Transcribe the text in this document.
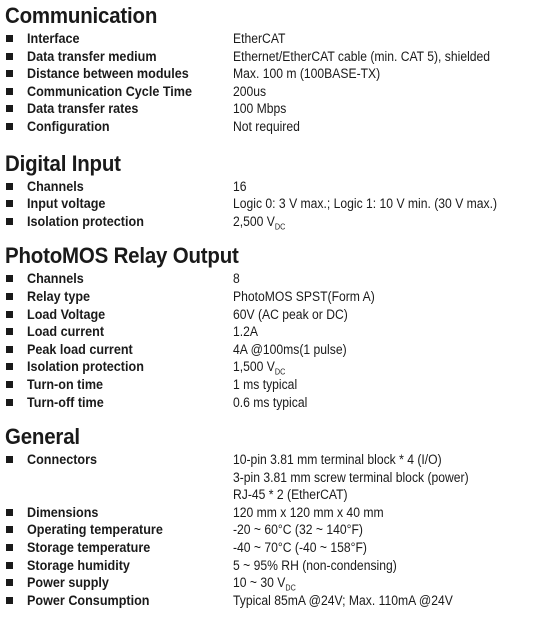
Communication
Interface	EtherCAT
Data transfer medium	Ethernet/EtherCAT cable (min. CAT 5), shielded
Distance between modules	Max. 100 m (100BASE-TX)
Communication Cycle Time	200us
Data transfer rates	100 Mbps
Configuration	Not required
Digital Input
Channels	16
Input voltage	Logic 0: 3 V max.; Logic 1: 10 V min. (30 V max.)
Isolation protection	2,500 $V_{DC}$
PhotoMOS Relay Output
Channels	8
Relay type	PhotoMOS SPST(Form A)
Load Voltage	60V (AC peak or DC)
Load current	1.2A
Peak load current	4A @100ms(1 pulse)
Isolation protection	1,500 $V_{DC}$
Turn-on time	1 ms typical
Turn-off time	0.6 ms typical
General
Connectors	10-pin 3.81 mm terminal block * 4 (I/O)
3-pin 3.81 mm screw terminal block (power)
RJ-45 * 2 (EtherCAT)
Dimensions	120 mm x 120 mm x 40 mm
Operating temperature	-20 ~ 60°C (32 ~ 140°F)
Storage temperature	-40 ~ 70°C (-40 ~ 158°F)
Storage humidity	5 ~ 95% RH (non-condensing)
Power supply	10 ~ 30 $V_{DC}$
Power Consumption	Typical 85mA @24V; Max. 110mA @24V
